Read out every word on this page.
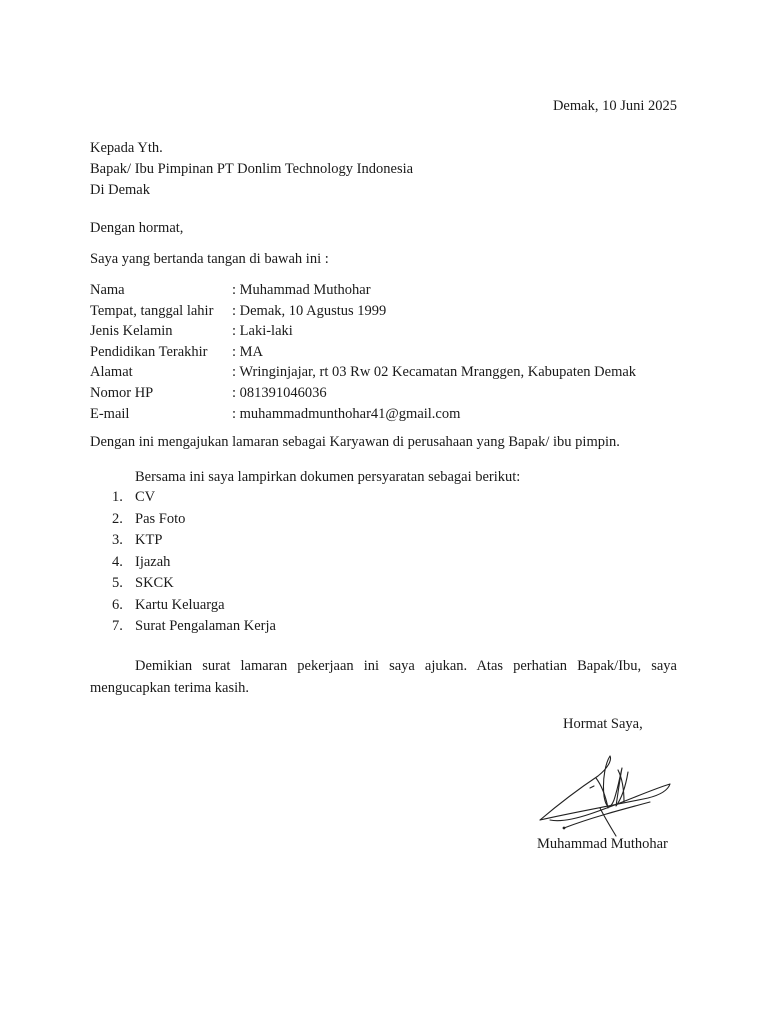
Demak, 10 Juni 2025
Kepada Yth.
Bapak/ Ibu Pimpinan PT Donlim Technology Indonesia
Di Demak
Dengan hormat,
Saya yang bertanda tangan di bawah ini :
Nama	: Muhammad Muthohar
Tempat, tanggal lahir	: Demak, 10 Agustus 1999
Jenis Kelamin	: Laki-laki
Pendidikan Terakhir	: MA
Alamat	: Wringinjajar, rt 03 Rw 02 Kecamatan Mranggen, Kabupaten Demak
Nomor HP	: 081391046036
E-mail	: muhammadmunthohar41@gmail.com
Dengan ini mengajukan lamaran sebagai Karyawan di perusahaan yang Bapak/ ibu pimpin.
Bersama ini saya lampirkan dokumen persyaratan sebagai berikut:
1. CV
2. Pas Foto
3. KTP
4. Ijazah
5. SKCK
6. Kartu Keluarga
7. Surat Pengalaman Kerja
Demikian surat lamaran pekerjaan ini saya ajukan. Atas perhatian Bapak/Ibu, saya mengucapkan terima kasih.
Hormat Saya,
Muhammad Muthohar
